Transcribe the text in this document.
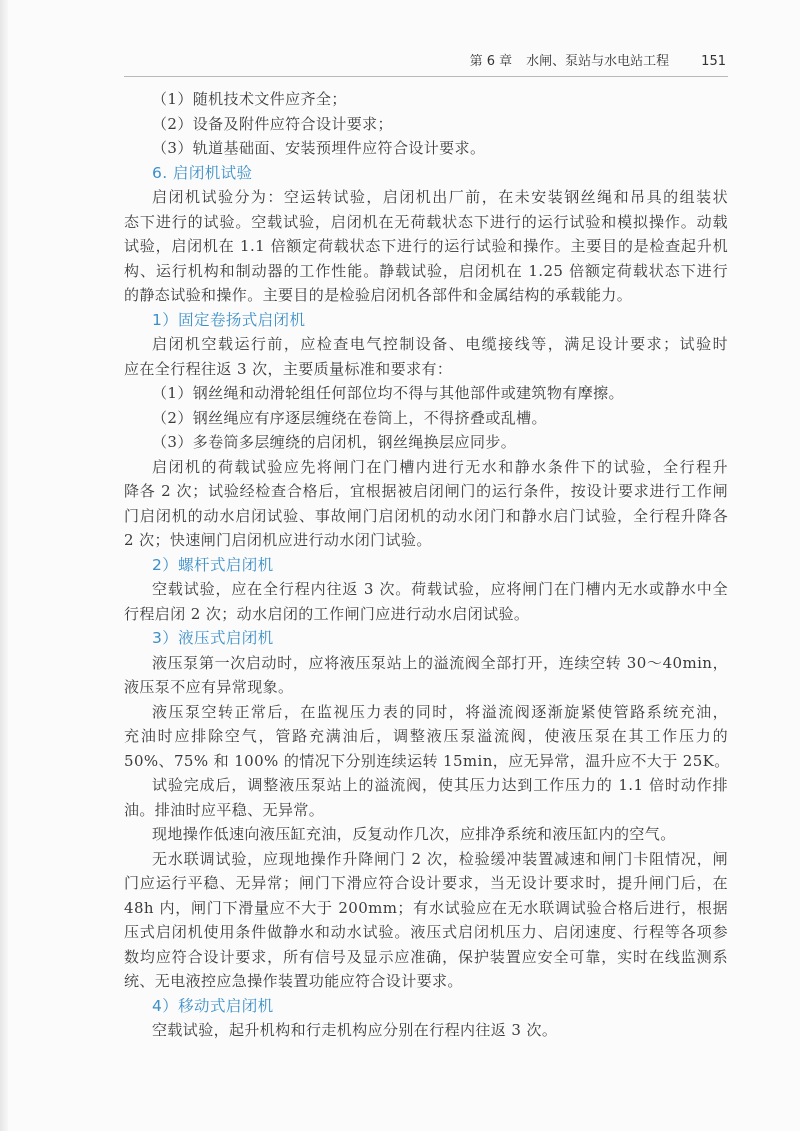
第 6 章 水闸、泵站与水电站工程 151
（1）随机技术文件应齐全；
（2）设备及附件应符合设计要求；
（3）轨道基础面、安装预埋件应符合设计要求。
6. 启闭机试验
启闭机试验分为：空运转试验，启闭机出厂前，在未安装钢丝绳和吊具的组装状
态下进行的试验。空载试验，启闭机在无荷载状态下进行的运行试验和模拟操作。动载
试验，启闭机在 1.1 倍额定荷载状态下进行的运行试验和操作。主要目的是检查起升机
构、运行机构和制动器的工作性能。静载试验，启闭机在 1.25 倍额定荷载状态下进行
的静态试验和操作。主要目的是检验启闭机各部件和金属结构的承载能力。
1）固定卷扬式启闭机
启闭机空载运行前，应检查电气控制设备、电缆接线等，满足设计要求；试验时
应在全行程往返 3 次，主要质量标准和要求有：
（1）钢丝绳和动滑轮组任何部位均不得与其他部件或建筑物有摩擦。
（2）钢丝绳应有序逐层缠绕在卷筒上，不得挤叠或乱槽。
（3）多卷筒多层缠绕的启闭机，钢丝绳换层应同步。
启闭机的荷载试验应先将闸门在门槽内进行无水和静水条件下的试验，全行程升
降各 2 次；试验经检查合格后，宜根据被启闭闸门的运行条件，按设计要求进行工作闸
门启闭机的动水启闭试验、事故闸门启闭机的动水闭门和静水启门试验，全行程升降各
2 次；快速闸门启闭机应进行动水闭门试验。
2）螺杆式启闭机
空载试验，应在全行程内往返 3 次。荷载试验，应将闸门在门槽内无水或静水中全
行程启闭 2 次；动水启闭的工作闸门应进行动水启闭试验。
3）液压式启闭机
液压泵第一次启动时，应将液压泵站上的溢流阀全部打开，连续空转 30～40min，
液压泵不应有异常现象。
液压泵空转正常后，在监视压力表的同时，将溢流阀逐渐旋紧使管路系统充油，
充油时应排除空气，管路充满油后，调整液压泵溢流阀，使液压泵在其工作压力的
50%、75% 和 100% 的情况下分别连续运转 15min，应无异常，温升应不大于 25K。
试验完成后，调整液压泵站上的溢流阀，使其压力达到工作压力的 1.1 倍时动作排
油。排油时应平稳、无异常。
现地操作低速向液压缸充油，反复动作几次，应排净系统和液压缸内的空气。
无水联调试验，应现地操作升降闸门 2 次，检验缓冲装置减速和闸门卡阻情况，闸
门应运行平稳、无异常；闸门下滑应符合设计要求，当无设计要求时，提升闸门后，在
48h 内，闸门下滑量应不大于 200mm；有水试验应在无水联调试验合格后进行，根据
压式启闭机使用条件做静水和动水试验。液压式启闭机压力、启闭速度、行程等各项参
数均应符合设计要求，所有信号及显示应准确，保护装置应安全可靠，实时在线监测系
统、无电液控应急操作装置功能应符合设计要求。
4）移动式启闭机
空载试验，起升机构和行走机构应分别在行程内往返 3 次。
